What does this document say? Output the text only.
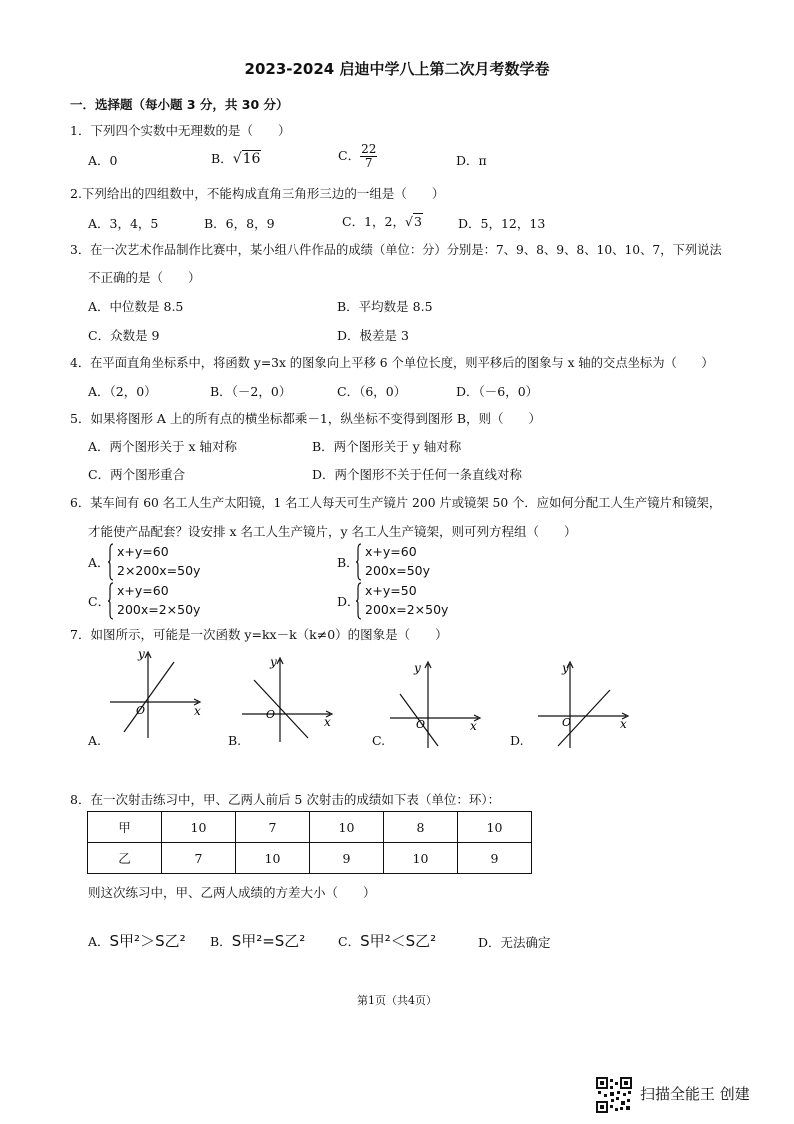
2023-2024 启迪中学八上第二次月考数学卷
一．选择题（每小题 3 分，共 30 分）
1．下列四个实数中无理数的是（　　）
A．0	B．√16	C． $\frac{22}{7}$	D．π
2.下列给出的四组数中，不能构成直角三角形三边的一组是（　　）
A．3，4，5	B．6，8，9	C．1，2，√3	D．5，12，13
3．在一次艺术作品制作比赛中，某小组八件作品的成绩（单位：分）分别是：7、9、8、9、8、10、10、7，下列说法
不正确的是（　　）
A．中位数是 8.5	B．平均数是 8.5
C．众数是 9	D．极差是 3
4．在平面直角坐标系中，将函数 y=3x 的图象向上平移 6 个单位长度，则平移后的图象与 x 轴的交点坐标为（　　）
A．（2，0）	B．（－2，0）	C．（6，0）	D．（－6，0）
5．如果将图形 A 上的所有点的横坐标都乘－1，纵坐标不变得到图形 B，则（　　）
A．两个图形关于 x 轴对称	B．两个图形关于 y 轴对称
C．两个图形重合	D．两个图形不关于任何一条直线对称
6．某车间有 60 名工人生产太阳镜，1 名工人每天可生产镜片 200 片或镜架 50 个．应如何分配工人生产镜片和镜架，
才能使产品配套？设安排 x 名工人生产镜片，y 名工人生产镜架，则可列方程组（　　）
A．
x+y=60
2×200x=50y
B．
x+y=60
200x=50y
C．
x+y=60
200x=2×50y
D．
x+y=50
200x=2×50y
7．如图所示，可能是一次函数 y=kx－k（k≠0）的图象是（　　）
y
x
O
A.
y
x
O
B.
y
x
O
C.
y
x
O
D.
8．在一次射击练习中，甲、乙两人前后 5 次射击的成绩如下表（单位：环）：
甲	10	7	10	8	10
乙	7	10	9	10	9
则这次练习中，甲、乙两人成绩的方差大小（　　）
A．S甲²＞S乙² B．S甲²=S乙²	C．S甲²＜S乙²	D．无法确定
第1页（共4页）
扫描全能王 创建
